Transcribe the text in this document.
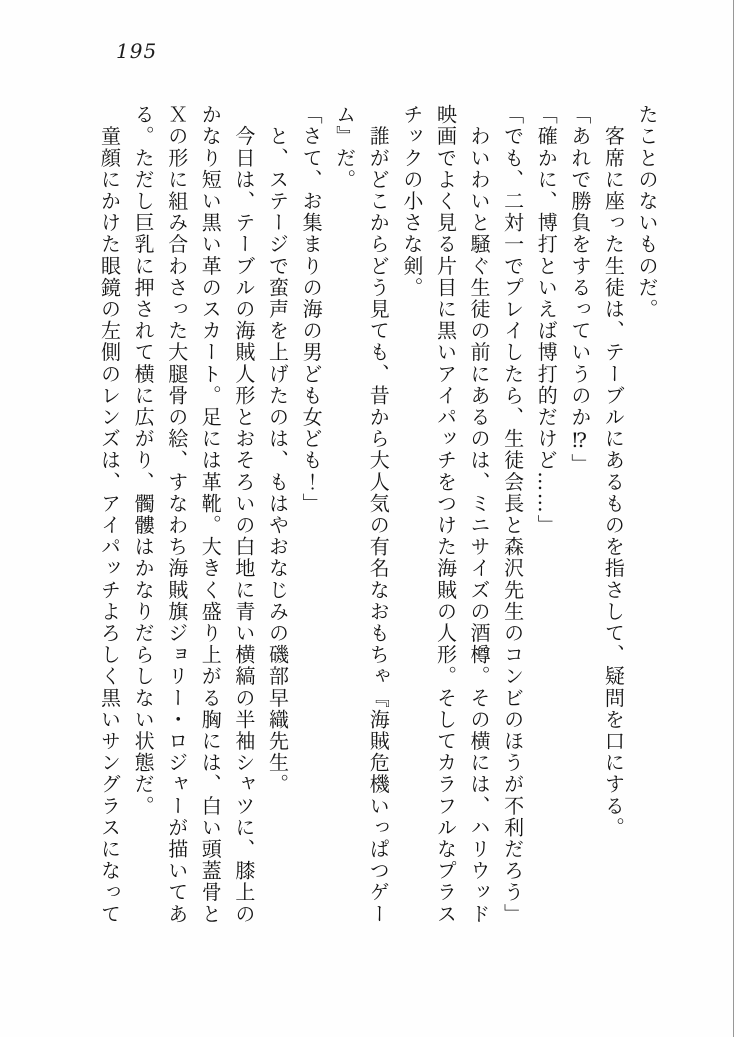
195

たことのないものだ。

　客席に座った生徒は、テーブルにあるものを指さして、疑問を口にする。

「あれで勝負をするっていうのか⁉」

「確かに、博打といえば博打的だけど……」

「でも、二対一でプレイしたら、生徒会長と森沢先生のコンビのほうが不利だろう」

　わいわいと騒ぐ生徒の前にあるのは、ミニサイズの酒樽。その横には、ハリウッド

映画でよく見る片目に黒いアイパッチをつけた海賊の人形。そしてカラフルなプラス

チックの小さな剣。

　誰がどこからどう見ても、昔から大人気の有名なおもちゃ『海賊危機いっぱつゲー

ム』だ。

「さて、お集まりの海の男ども女ども！」

　と、ステージで蛮声を上げたのは、もはやおなじみの磯部早織先生。

　今日は、テーブルの海賊人形とおそろいの白地に青い横縞の半袖シャツに、膝上の

かなり短い黒い革のスカート。足には革靴。大きく盛り上がる胸には、白い頭蓋骨と

Ｘの形に組み合わさった大腿骨の絵、すなわち海賊旗ジョリー・ロジャーが描いてあ

る。ただし巨乳に押されて横に広がり、髑髏はかなりだらしない状態だ。

　童顔にかけた眼鏡の左側のレンズは、アイパッチよろしく黒いサングラスになって
